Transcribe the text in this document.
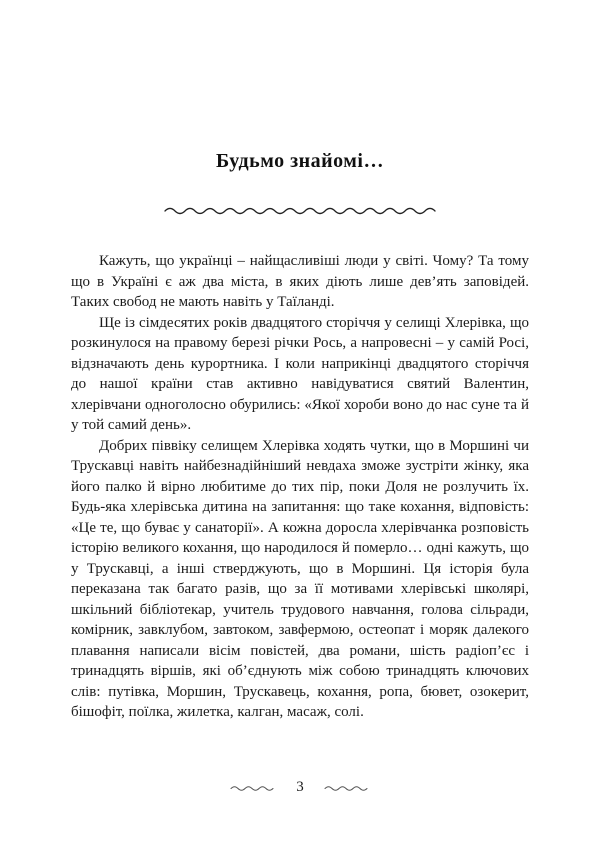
Будьмо знайомі…

Кажуть, що українці – найщасливіші люди у світі. Чому? Та тому що в Україні є аж два міста, в яких діють лише дев’ять заповідей. Таких свобод не мають навіть у Таїланді.

Ще із сімдесятих років двадцятого сторіччя у селищі Хлерівка, що розкинулося на правому березі річки Рось, а напровесні – у самій Росі, відзначають день курортника. І коли наприкінці двадцятого сторіччя до нашої країни став активно навідуватися святий Валентин, хлерівчани одноголосно обурились: «Якої хороби воно до нас суне та й у той самий день».

Добрих піввіку селищем Хлерівка ходять чутки, що в Моршині чи Трускавці навіть найбезнадійніший невдаха зможе зустріти жінку, яка його палко й вірно любитиме до тих пір, поки Доля не розлучить їх. Будь-яка хлерівська дитина на запитання: що таке кохання, відповість: «Це те, що буває у санаторії». А кожна доросла хлерівчанка розповість історію великого кохання, що народилося й померло… одні кажуть, що у Трускавці, а інші стверджують, що в Моршині. Ця історія була переказана так багато разів, що за її мотивами хлерівські школярі, шкільний бібліотекар, учитель трудового навчання, голова сільради, комірник, завклубом, завтоком, завфермою, остеопат і моряк далекого плавання написали вісім повістей, два романи, шість радіоп’єс і тринадцять віршів, які об’єднують між собою тринадцять ключових слів: путівка, Моршин, Трускавець, кохання, ропа, бювет, озокерит, бішофіт, поїлка, жилетка, калган, масаж, солі.

3
